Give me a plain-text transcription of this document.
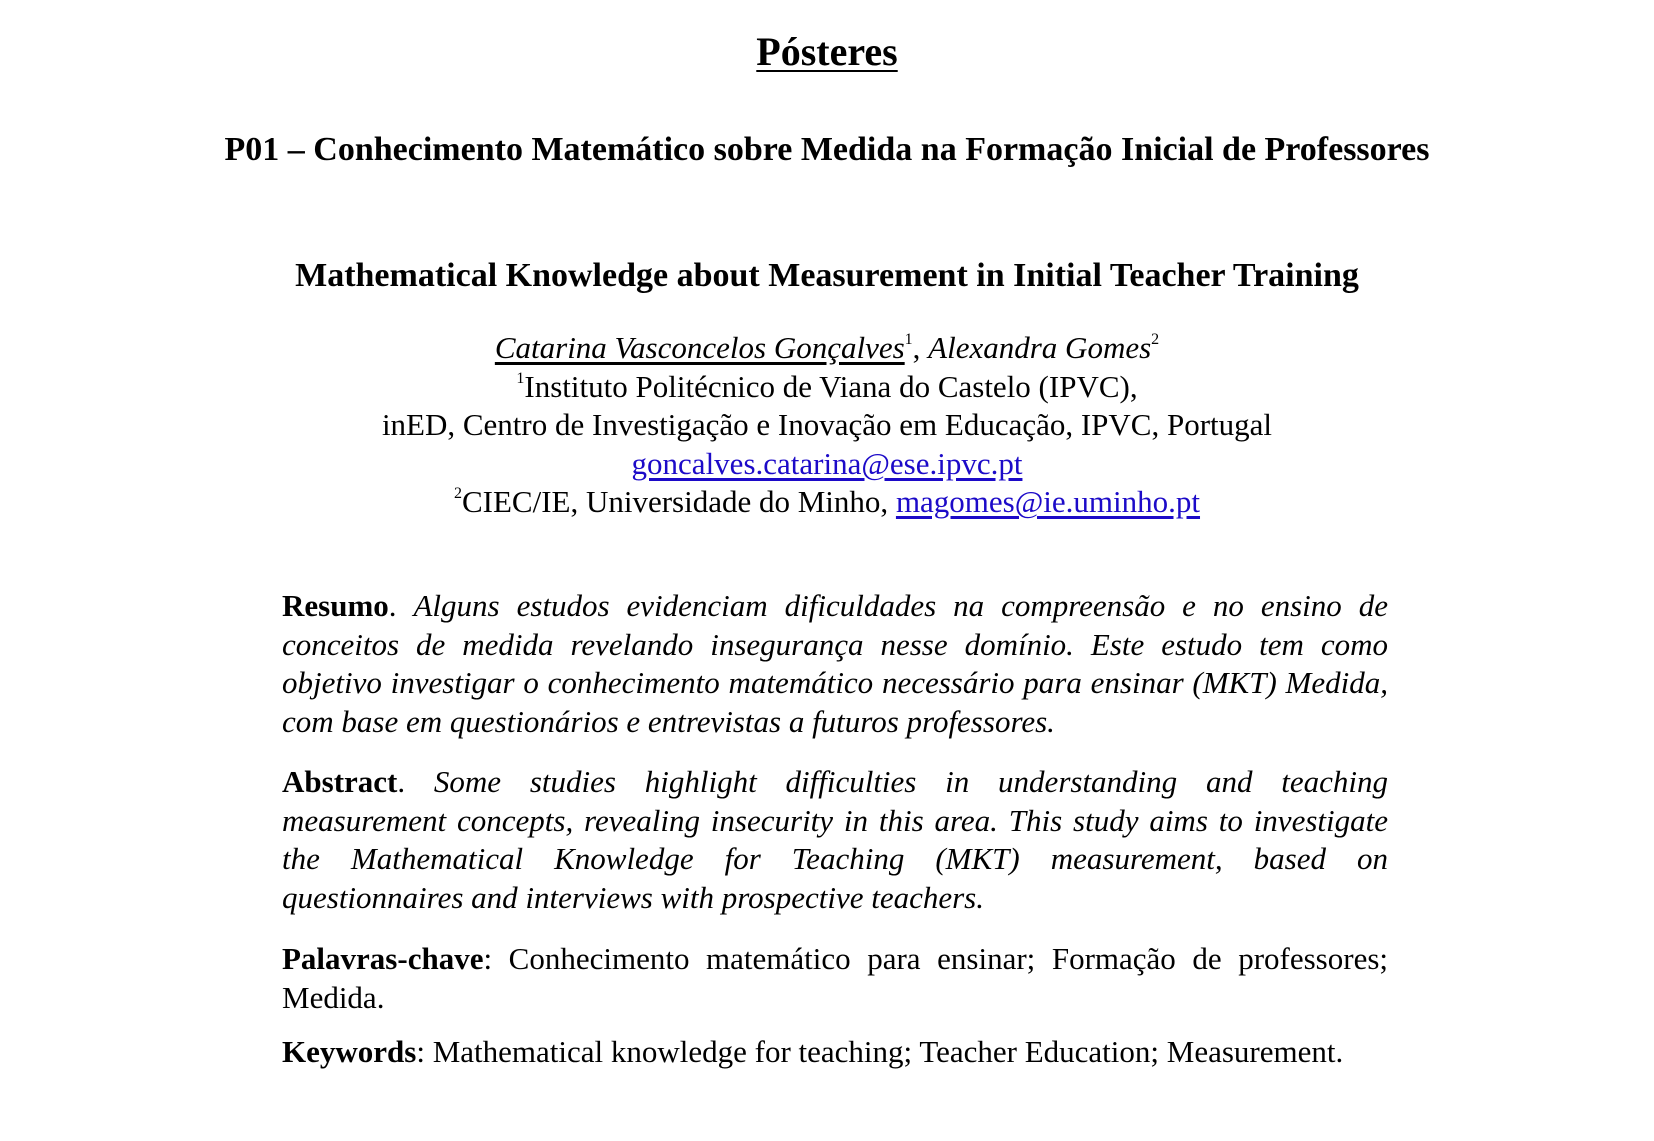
Pósteres
P01 – Conhecimento Matemático sobre Medida na Formação Inicial de Professores
Mathematical Knowledge about Measurement in Initial Teacher Training
Catarina Vasconcelos Gonçalves$^1$, Alexandra Gomes$^2$
$^1$Instituto Politécnico de Viana do Castelo (IPVC),
inED, Centro de Investigação e Inovação em Educação, IPVC, Portugal
goncalves.catarina@ese.ipvc.pt
$^2$CIEC/IE, Universidade do Minho, magomes@ie.uminho.pt
Resumo. Alguns estudos evidenciam dificuldades na compreensão e no ensino de conceitos de medida revelando insegurança nesse domínio. Este estudo tem como objetivo investigar o conhecimento matemático necessário para ensinar (MKT) Medida, com base em questionários e entrevistas a futuros professores.
Abstract. Some studies highlight difficulties in understanding and teaching measurement concepts, revealing insecurity in this area. This study aims to investigate the Mathematical Knowledge for Teaching (MKT) measurement, based on questionnaires and interviews with prospective teachers.
Palavras-chave: Conhecimento matemático para ensinar; Formação de professores; Medida.
Keywords: Mathematical knowledge for teaching; Teacher Education; Measurement.
